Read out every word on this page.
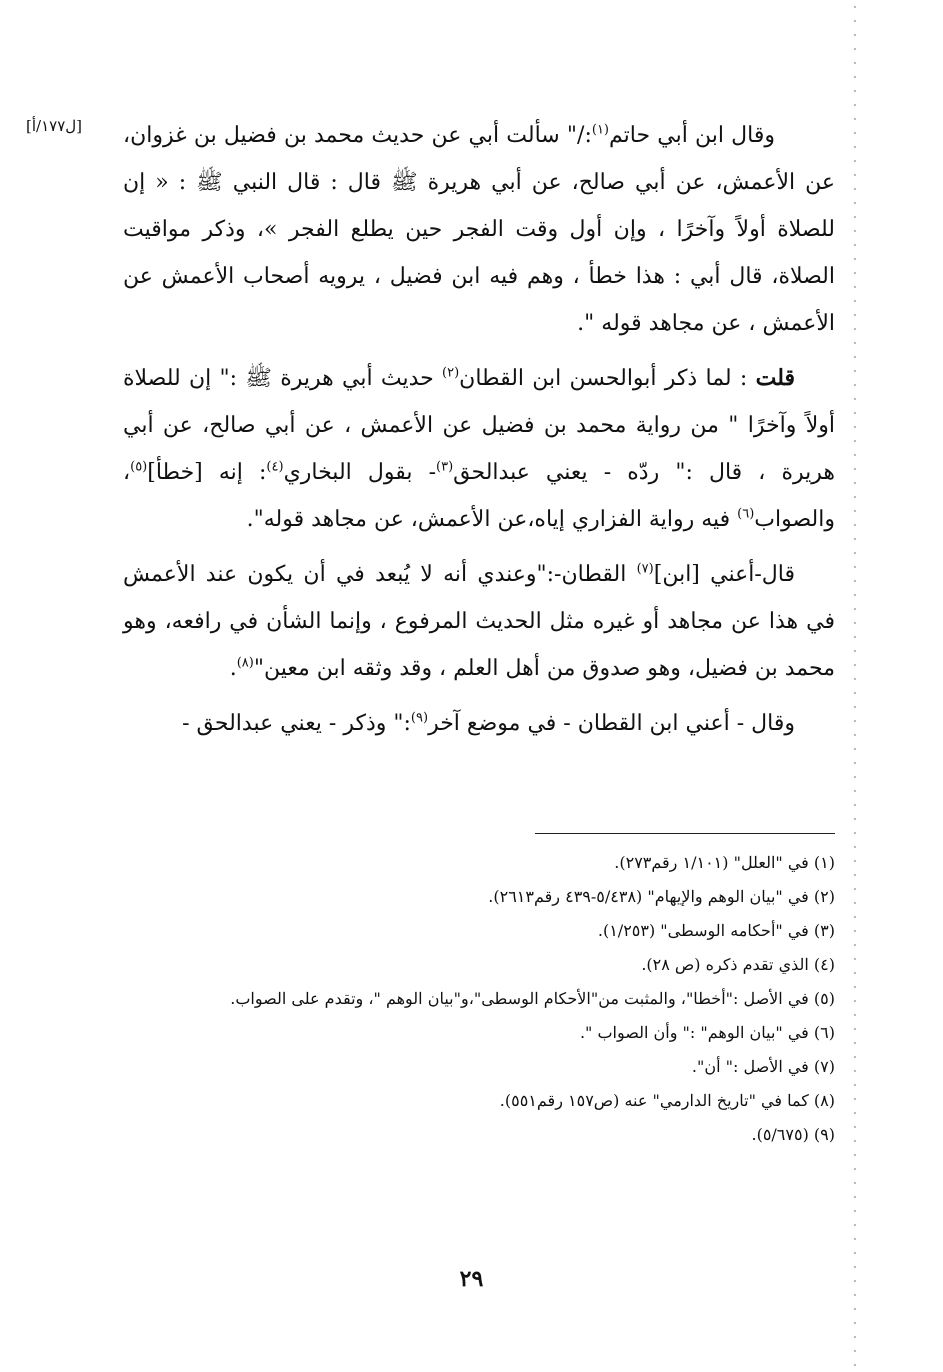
[ل١٧٧/أ]	وقال ابن أبي حاتم$^{(١)}$:/" سألت أبي عن حديث محمد بن فضيل بن غزوان، عن الأعمش، عن أبي صالح، عن أبي هريرة ﷺ قال : قال النبي ﷺ : « إن للصلاة أولاً وآخرًا ، وإن أول وقت الفجر حين يطلع الفجر »، وذكر مواقيت الصلاة، قال أبي : هذا خطأ ، وهم فيه ابن فضيل ، يرويه أصحاب الأعمش عن الأعمش ، عن مجاهد قوله ".

قلت : لما ذكر أبوالحسن ابن القطان$^{(٢)}$ حديث أبي هريرة ﷺ :" إن للصلاة أولاً وآخرًا " من رواية محمد بن فضيل عن الأعمش ، عن أبي صالح، عن أبي هريرة ، قال :" ردّه - يعني عبدالحق$^{(٣)}$- بقول البخاري$^{(٤)}$: إنه [خطأ]$^{(٥)}$، والصواب$^{(٦)}$ فيه رواية الفزاري إياه،عن الأعمش، عن مجاهد قوله".

قال-أعني [ابن]$^{(٧)}$ القطان-:"وعندي أنه لا يُبعد في أن يكون عند الأعمش في هذا عن مجاهد أو غيره مثل الحديث المرفوع ، وإنما الشأن في رافعه، وهو محمد بن فضيل، وهو صدوق من أهل العلم ، وقد وثقه ابن معين"$^{(٨)}$.

وقال - أعني ابن القطان - في موضع آخر$^{(٩)}$:" وذكر - يعني عبدالحق -

(١) في "العلل" (١/١٠١ رقم٢٧٣).
(٢) في "بيان الوهم والإيهام" (٥/٤٣٨-٤٣٩ رقم٢٦١٣).
(٣) في "أحكامه الوسطى" (١/٢٥٣).
(٤) الذي تقدم ذكره (ص ٢٨).
(٥) في الأصل :"أخطا"، والمثبت من"الأحكام الوسطى"،و"بيان الوهم "، وتقدم على الصواب.
(٦) في "بيان الوهم" :" وأن الصواب ".
(٧) في الأصل :" أن".
(٨) كما في "تاريخ الدارمي" عنه (ص١٥٧ رقم٥٥١).
(٩) (٥/٦٧٥).
٢٩
